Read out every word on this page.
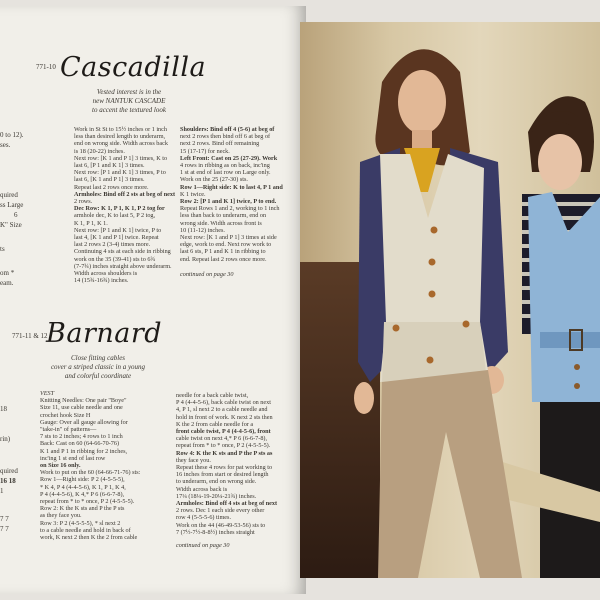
0 to 12).
ses.
quired
ss Large
6
K" Size
ts
om *
eam.
18
rin)
quired
16 18
1
7 7
7 7
771-10 Cascadilla
Vested interest is in the
new NANTUK CASCADE
to accent the textured look
Work in St St to 15½ inches or 1 inch
less than desired length to underarm,
end on wrong side. Width across back
is 18 (20-22) inches.
Next row: [K 1 and P 1] 3 times, K to
last 6, [P 1 and K 1] 3 times.
Next row: [P 1 and K 1] 3 times, P to
last 6, [K 1 and P 1] 3 times.
Repeat last 2 rows once more.
Armholes: Bind off 2 sts at beg of next
2 rows.
Dec Row: K 1, P 1, K 1, P 2 tog for
armhole dec, K to last 5, P 2 tog,
K 1, P 1, K 1.
Next row: [P 1 and K 1] twice, P to
last 4, [K 1 and P 1] twice. Repeat
last 2 rows 2 (3-4) times more.
Continuing 4 sts at each side in ribbing
work on the 35 (39-41) sts to 6¾
(7-7¾) inches straight above underarm.
Width across shoulders is
14 (15¾-16¾) inches.
Shoulders: Bind off 4 (5-6) at beg of
next 2 rows then bind off 6 at beg of
next 2 rows. Bind off remaining
15 (17-17) for neck.
Left Front: Cast on 25 (27-29). Work
4 rows in ribbing as on back, inc'ing
1 st at end of last row on Large only.
Work on the 25 (27-30) sts.
Row 1—Right side: K to last 4, P 1 and
K 1 twice.
Row 2: [P 1 and K 1] twice, P to end.
Repeat Rows 1 and 2, working to 1 inch
less than back to underarm, end on
wrong side. Width across front is
10 (11-12) inches.
Next row: [K 1 and P 1] 3 times at side
edge, work to end. Next row work to
last 6 sts, P 1 and K 1 in ribbing to
end. Repeat last 2 rows once more.
continued on page 30
771-11 & 12
Barnard
Close fitting cables
cover a striped classic in a young
and colorful coordinate
VEST
Knitting Needles: One pair "Boye"
Size 11, use cable needle and one
crochet hook Size H
Gauge: Over all gauge allowing for
"take-in" of patterns—
7 sts to 2 inches; 4 rows to 1 inch
Back: Cast on 60 (64-66-70-76)
K 1 and P 1 in ribbing for 2 inches,
inc'ing 1 st end of last row
on Size 16 only.
Work to put on the 60 (64-66-71-76) sts:
Row 1—Right side: P 2 (4-5-5-5),
* K 4, P 4 (4-4-5-6), K 1, P 1, K 4,
P 4 (4-4-5-6), K 4,* P 6 (6-6-7-8),
repeat from * to * once, P 2 (4-5-5-5).
Row 2: K the K sts and P the P sts
as they face you.
Row 3: P 2 (4-5-5-5), * sl next 2
to a cable needle and hold in back of
work, K next 2 then K the 2 from cable
needle for a back cable twist,
P 4 (4-4-5-6), back cable twist on next
4, P 1, sl next 2 to a cable needle and
hold in front of work. K next 2 sts then
K the 2 from cable needle for a
front cable twist, P 4 (4-4-5-6), front
cable twist on next 4,* P 6 (6-6-7-8),
repeat from * to * once, P 2 (4-5-5-5).
Row 4: K the K sts and P the P sts as
they face you.
Repeat these 4 rows for pat working to
16 inches from start or desired length
to underarm, end on wrong side.
Width across back is
17¼ (18¼-19-20¼-21¾) inches.
Armholes: Bind off 4 sts at beg of next
2 rows. Dec 1 each side every other
row 4 (5-5-5-6) times.
Work on the 44 (46-49-53-56) sts to
7 (7½-7½-8-8½) inches straight
continued on page 30
